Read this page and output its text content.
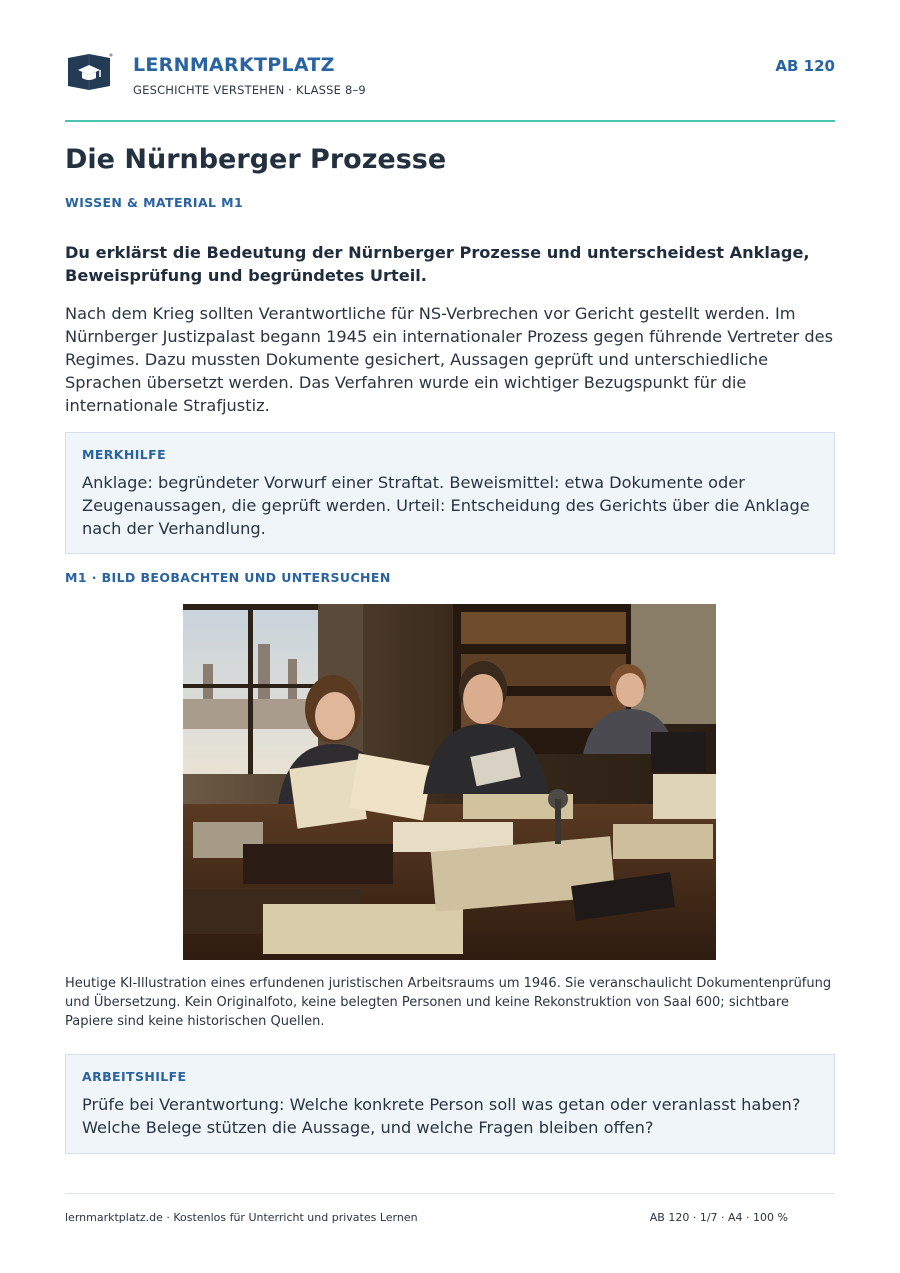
LERNMARKTPLATZ
GESCHICHTE VERSTEHEN · KLASSE 8–9
AB 120
Die Nürnberger Prozesse
WISSEN & MATERIAL M1

Du erklärst die Bedeutung der Nürnberger Prozesse und unterscheidest Anklage, Beweisprüfung und begründetes Urteil.

Nach dem Krieg sollten Verantwortliche für NS-Verbrechen vor Gericht gestellt werden. Im Nürnberger Justizpalast begann 1945 ein internationaler Prozess gegen führende Vertreter des Regimes. Dazu mussten Dokumente gesichert, Aussagen geprüft und unterschiedliche Sprachen übersetzt werden. Das Verfahren wurde ein wichtiger Bezugspunkt für die internationale Strafjustiz.

MERKHILFE

Anklage: begründeter Vorwurf einer Straftat. Beweismittel: etwa Dokumente oder Zeugenaussagen, die geprüft werden. Urteil: Entscheidung des Gerichts über die Anklage nach der Verhandlung.

M1 · BILD BEOBACHTEN UND UNTERSUCHEN

Heutige KI-Illustration eines erfundenen juristischen Arbeitsraums um 1946. Sie veranschaulicht Dokumentenprüfung und Übersetzung. Kein Originalfoto, keine belegten Personen und keine Rekonstruktion von Saal 600; sichtbare Papiere sind keine historischen Quellen.

ARBEITSHILFE

Prüfe bei Verantwortung: Welche konkrete Person soll was getan oder veranlasst haben? Welche Belege stützen die Aussage, und welche Fragen bleiben offen?

lernmarktplatz.de · Kostenlos für Unterricht und privates Lernen	AB 120 · 1/7 · A4 · 100 %
